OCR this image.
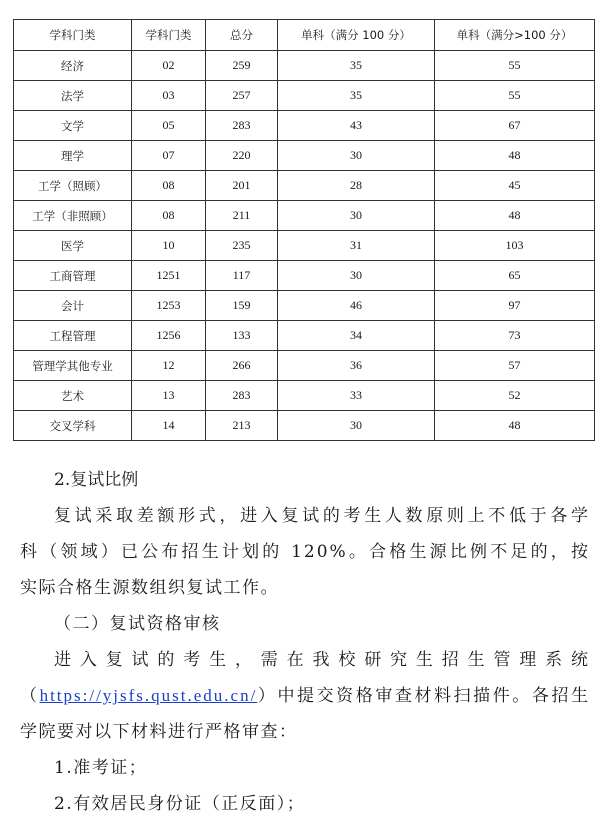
学科门类	学科门类	总分	单科（满分 100 分）	单科（满分>100 分）
经济	02	259	35	55
法学	03	257	35	55
文学	05	283	43	67
理学	07	220	30	48
工学（照顾）	08	201	28	45
工学（非照顾）	08	211	30	48
医学	10	235	31	103
工商管理	1251	117	30	65
会计	1253	159	46	97
工程管理	1256	133	34	73
管理学其他专业	12	266	36	57
艺术	13	283	33	52
交叉学科	14	213	30	48

2.复试比例

复试采取差额形式，进入复试的考生人数原则上不低于各学

科（领域）已公布招生计划的 120%。合格生源比例不足的，按

实际合格生源数组织复试工作。

（二）复试资格审核

进入复试的考生，需在我校研究生招生管理系统

（https://yjsfs.qust.edu.cn/）中提交资格审查材料扫描件。各招生

学院要对以下材料进行严格审查：

1.准考证；

2.有效居民身份证（正反面）；
